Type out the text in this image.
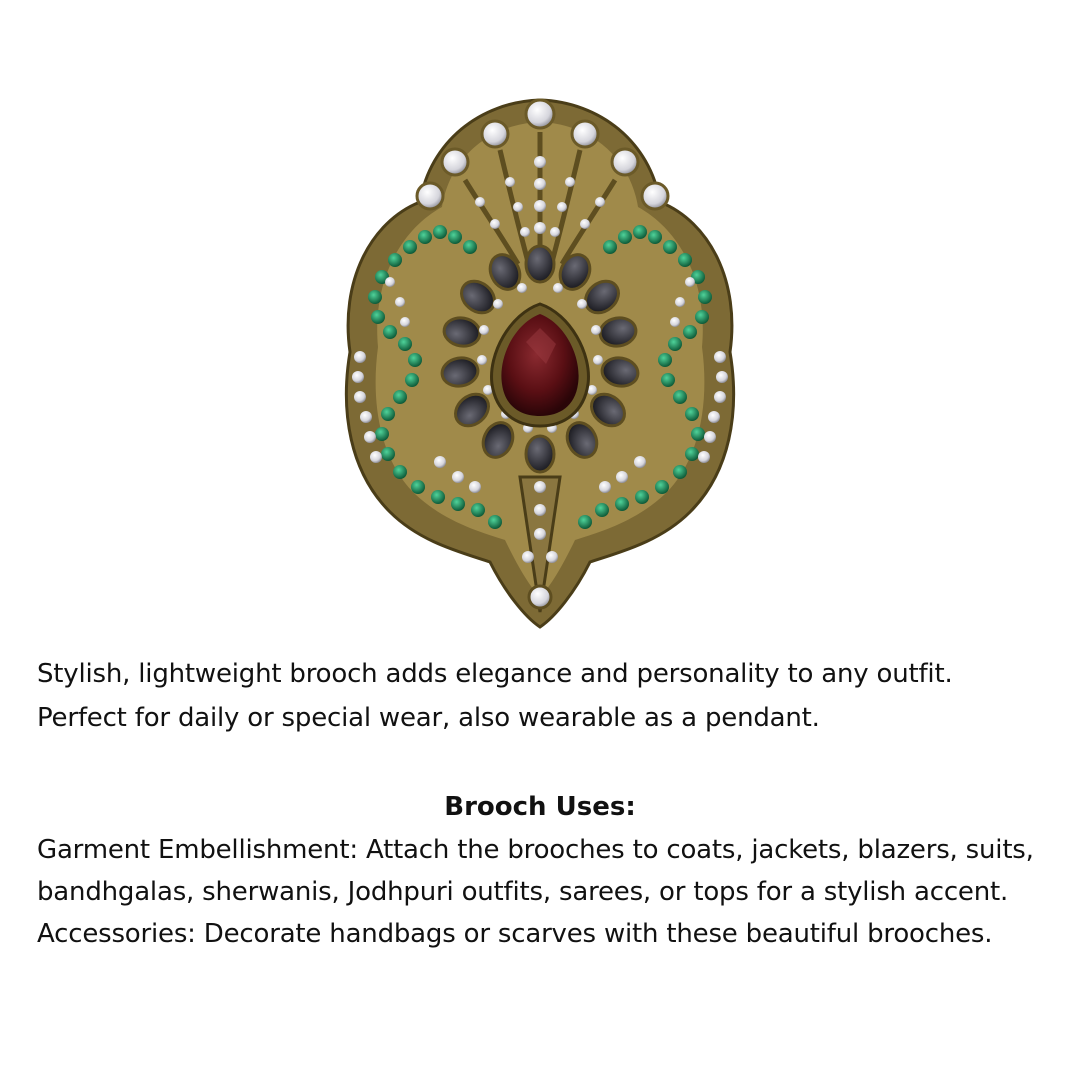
Stylish, lightweight brooch adds elegance and personality to any outfit.

Perfect for daily or special wear, also wearable as a pendant.

Brooch Uses:

Garment Embellishment: Attach the brooches to coats, jackets, blazers, suits,

bandhgalas, sherwanis, Jodhpuri outfits, sarees, or tops for a stylish accent.

Accessories: Decorate handbags or scarves with these beautiful brooches.
